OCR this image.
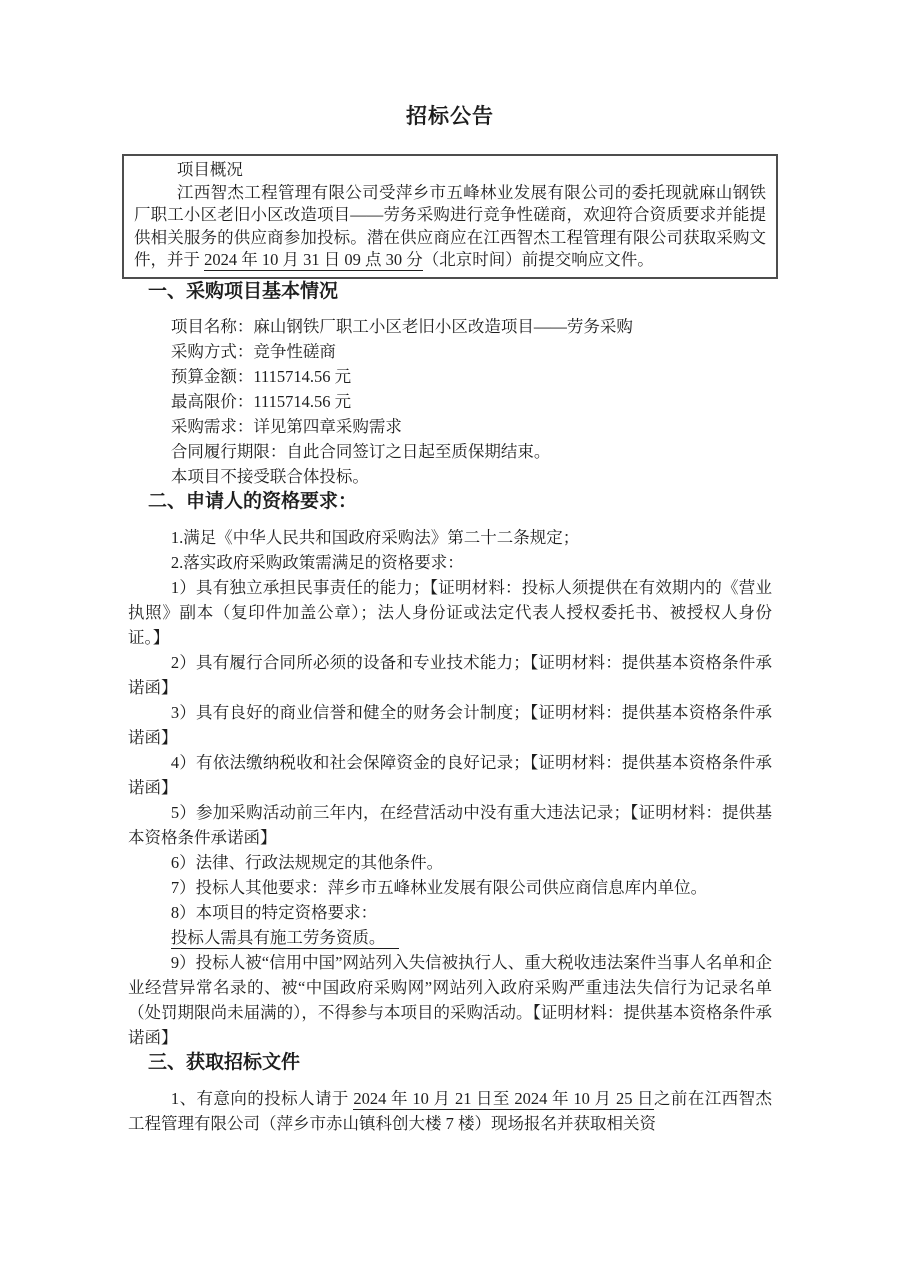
招标公告

项目概况

江西智杰工程管理有限公司受萍乡市五峰林业发展有限公司的委托现就麻山钢铁厂职工小区老旧小区改造项目——劳务采购进行竞争性磋商，欢迎符合资质要求并能提供相关服务的供应商参加投标。潜在供应商应在江西智杰工程管理有限公司获取采购文件，并于 2024 年 10 月 31 日 09 点 30 分（北京时间）前提交响应文件。

一、采购项目基本情况

项目名称：麻山钢铁厂职工小区老旧小区改造项目——劳务采购

采购方式：竞争性磋商

预算金额：1115714.56 元

最高限价：1115714.56 元

采购需求：详见第四章采购需求

合同履行期限：自此合同签订之日起至质保期结束。

本项目不接受联合体投标。

二、申请人的资格要求：

1.满足《中华人民共和国政府采购法》第二十二条规定；

2.落实政府采购政策需满足的资格要求：

1）具有独立承担民事责任的能力；【证明材料：投标人须提供在有效期内的《营业执照》副本（复印件加盖公章）；法人身份证或法定代表人授权委托书、被授权人身份证。】

2）具有履行合同所必须的设备和专业技术能力；【证明材料：提供基本资格条件承诺函】

3）具有良好的商业信誉和健全的财务会计制度；【证明材料：提供基本资格条件承诺函】

4）有依法缴纳税收和社会保障资金的良好记录；【证明材料：提供基本资格条件承诺函】

5）参加采购活动前三年内，在经营活动中没有重大违法记录；【证明材料：提供基本资格条件承诺函】

6）法律、行政法规规定的其他条件。

7）投标人其他要求：萍乡市五峰林业发展有限公司供应商信息库内单位。

8）本项目的特定资格要求：

投标人需具有施工劳务资质。

9）投标人被“信用中国”网站列入失信被执行人、重大税收违法案件当事人名单和企业经营异常名录的、被“中国政府采购网”网站列入政府采购严重违法失信行为记录名单（处罚期限尚未届满的），不得参与本项目的采购活动。【证明材料：提供基本资格条件承诺函】

三、获取招标文件

1、有意向的投标人请于 2024 年 10 月 21 日至 2024 年 10 月 25 日之前在江西智杰工程管理有限公司（萍乡市赤山镇科创大楼 7 楼）现场报名并获取相关资
